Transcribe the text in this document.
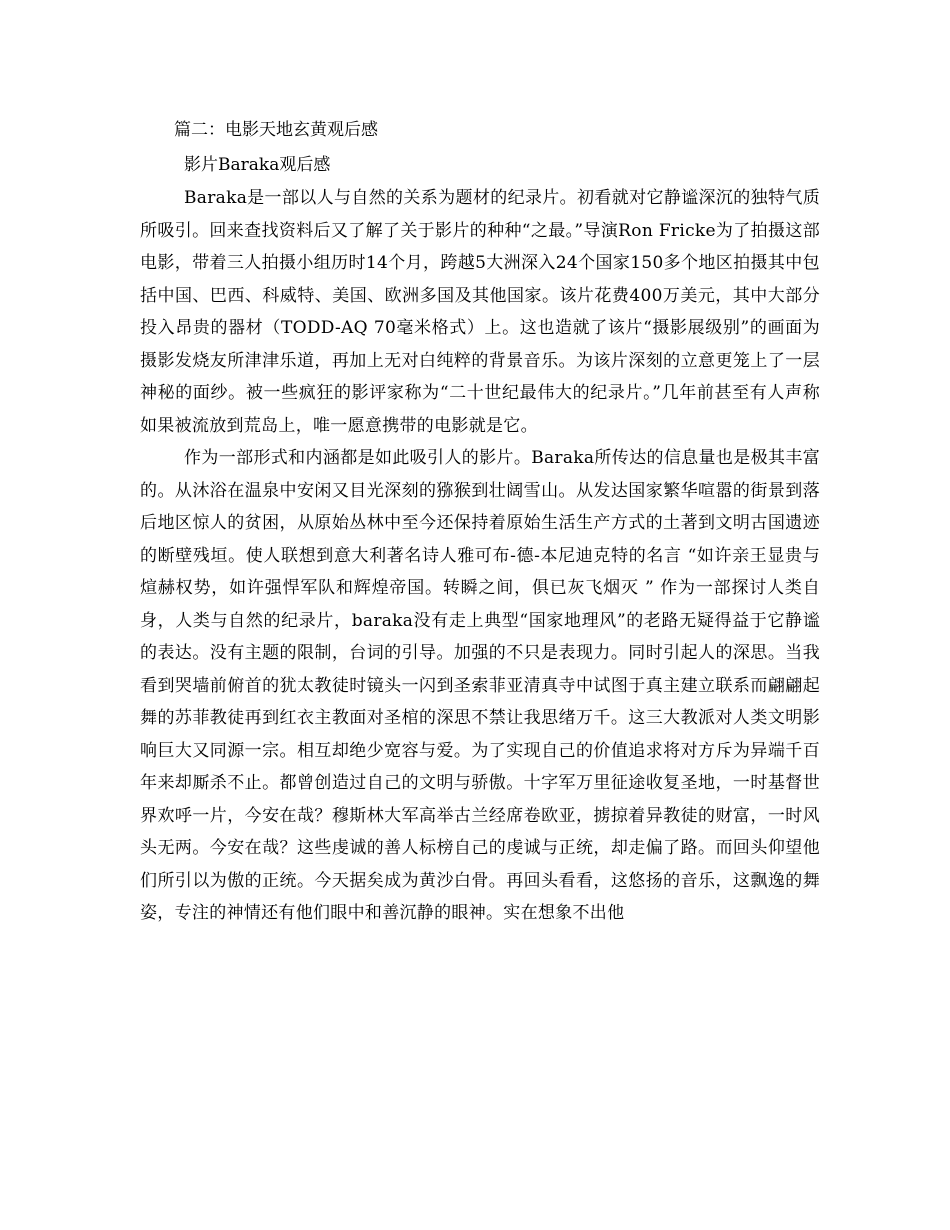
篇二：电影天地玄黄观后感
影片Baraka观后感

Baraka是一部以人与自然的关系为题材的纪录片。初看就对它静谧深沉的独特气质所吸引。回来查找资料后又了解了关于影片的种种“之最。”导演Ron Fricke为了拍摄这部电影，带着三人拍摄小组历时14个月，跨越5大洲深入24个国家150多个地区拍摄其中包括中国、巴西、科威特、美国、欧洲多国及其他国家。该片花费400万美元，其中大部分投入昂贵的器材（TODD-AQ 70毫米格式）上。这也造就了该片“摄影展级别”的画面为摄影发烧友所津津乐道，再加上无对白纯粹的背景音乐。为该片深刻的立意更笼上了一层神秘的面纱。被一些疯狂的影评家称为“二十世纪最伟大的纪录片。”几年前甚至有人声称如果被流放到荒岛上，唯一愿意携带的电影就是它。

作为一部形式和内涵都是如此吸引人的影片。Baraka所传达的信息量也是极其丰富的。从沐浴在温泉中安闲又目光深刻的猕猴到壮阔雪山。从发达国家繁华喧嚣的街景到落后地区惊人的贫困，从原始丛林中至今还保持着原始生活生产方式的土著到文明古国遗迹的断壁残垣。使人联想到意大利著名诗人雅可布-德-本尼迪克特的名言 “如许亲王显贵与煊赫权势，如许强悍军队和辉煌帝国。转瞬之间，俱已灰飞烟灭 ” 作为一部探讨人类自身，人类与自然的纪录片，baraka没有走上典型“国家地理风”的老路无疑得益于它静谧的表达。没有主题的限制，台词的引导。加强的不只是表现力。同时引起人的深思。当我看到哭墙前俯首的犹太教徒时镜头一闪到圣索菲亚清真寺中试图于真主建立联系而翩翩起舞的苏菲教徒再到红衣主教面对圣棺的深思不禁让我思绪万千。这三大教派对人类文明影响巨大又同源一宗。相互却绝少宽容与爱。为了实现自己的价值追求将对方斥为异端千百年来却厮杀不止。都曾创造过自己的文明与骄傲。十字军万里征途收复圣地，一时基督世界欢呼一片，今安在哉？穆斯林大军高举古兰经席卷欧亚，掳掠着异教徒的财富，一时风头无两。今安在哉？这些虔诚的善人标榜自己的虔诚与正统，却走偏了路。而回头仰望他们所引以为傲的正统。今天据矣成为黄沙白骨。再回头看看，这悠扬的音乐，这飘逸的舞姿，专注的神情还有他们眼中和善沉静的眼神。实在想象不出他
